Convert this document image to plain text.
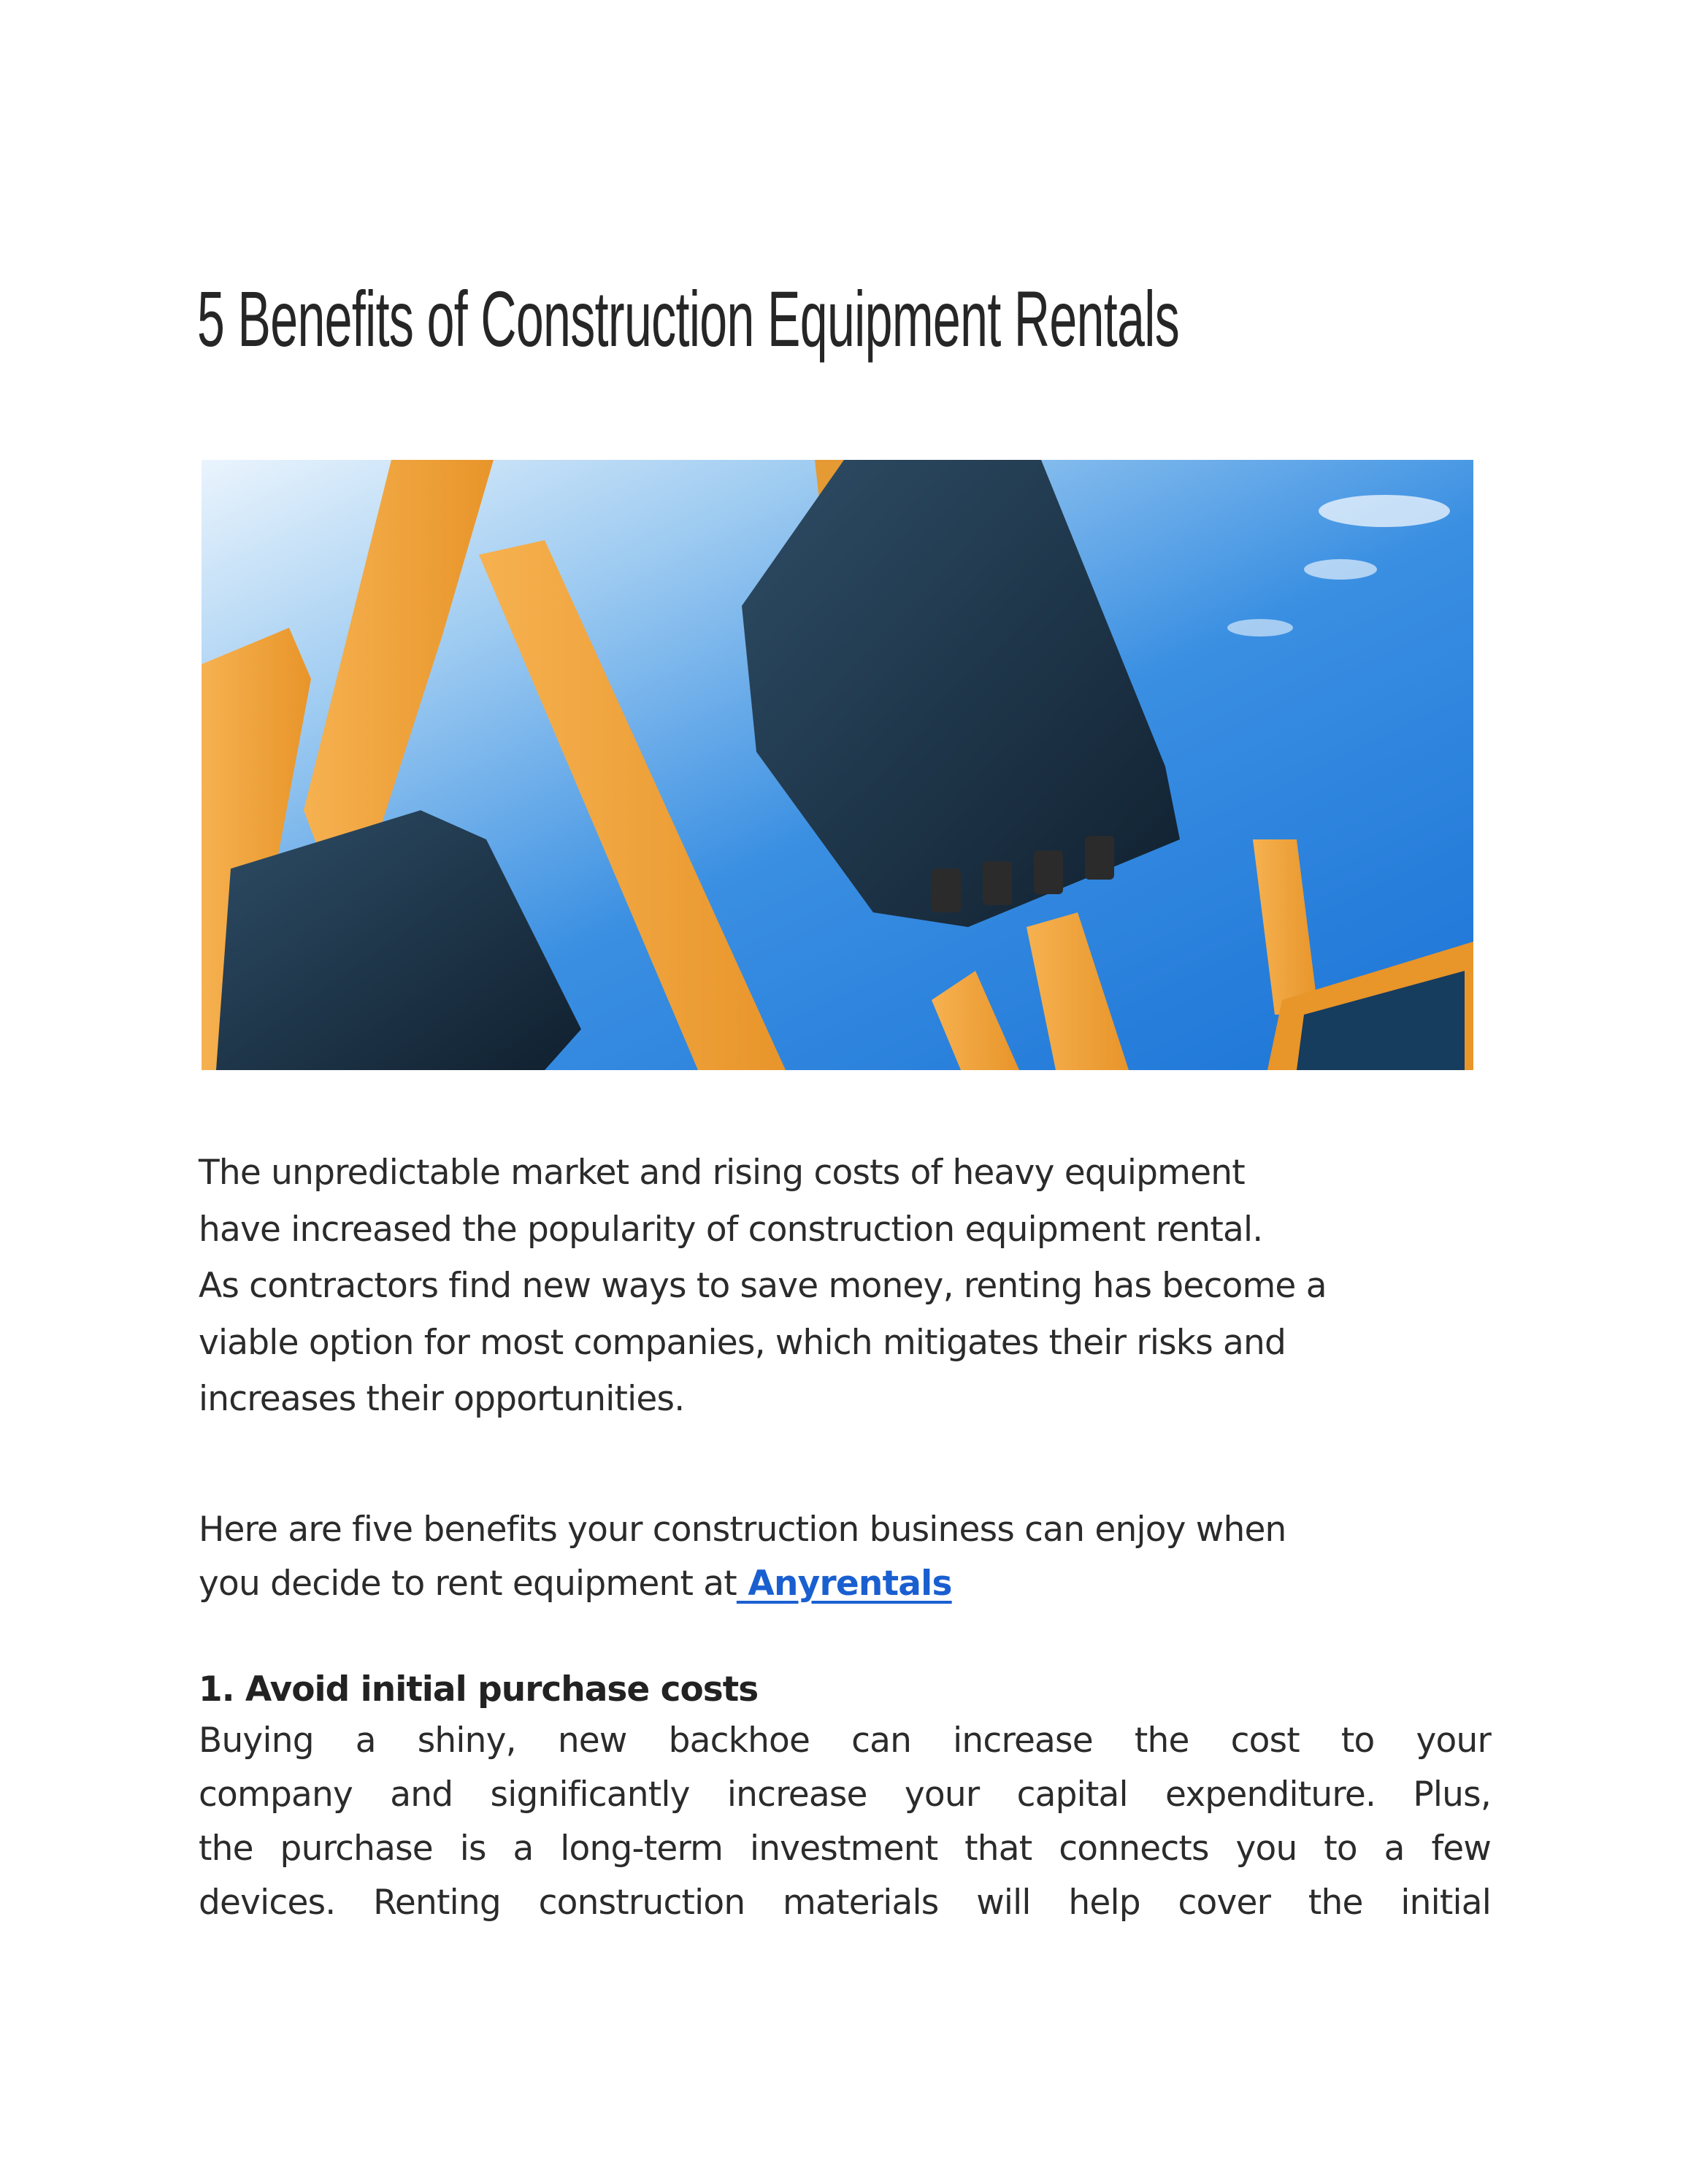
5 Benefits of Construction Equipment Rentals

The unpredictable market and rising costs of heavy equipment
have increased the popularity of construction equipment rental.
As contractors find new ways to save money, renting has become a
viable option for most companies, which mitigates their risks and
increases their opportunities.

Here are five benefits your construction business can enjoy when
you decide to rent equipment at Anyrentals

1. Avoid initial purchase costs

Buying a shiny, new backhoe can increase the cost to your
company and significantly increase your capital expenditure. Plus,
the purchase is a long-term investment that connects you to a few
devices. Renting construction materials will help cover the initial
